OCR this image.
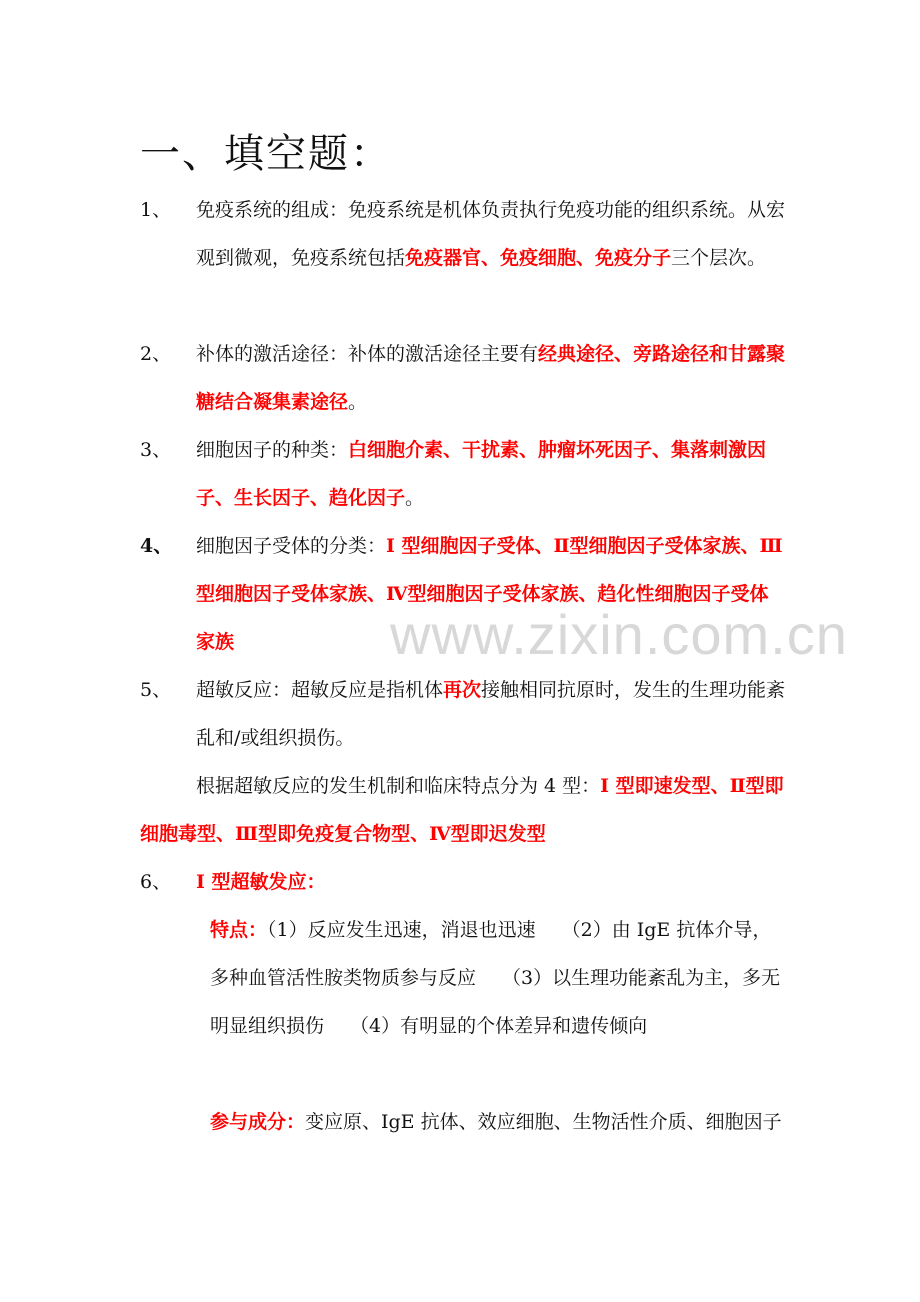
一、填空题：
www.zixin.com.cn
1、	免疫系统的组成：免疫系统是机体负责执行免疫功能的组织系统。从宏观到微观，免疫系统包括免疫器官、免疫细胞、免疫分子三个层次。
2、	补体的激活途径：补体的激活途径主要有经典途径、旁路途径和甘露聚糖结合凝集素途径。
3、	细胞因子的种类：白细胞介素、干扰素、肿瘤坏死因子、集落刺激因子、生长因子、趋化因子。
4、	细胞因子受体的分类：I 型细胞因子受体、Ⅱ型细胞因子受体家族、Ⅲ型细胞因子受体家族、Ⅳ型细胞因子受体家族、趋化性细胞因子受体家族
5、	超敏反应：超敏反应是指机体再次接触相同抗原时，发生的生理功能紊乱和/或组织损伤。
根据超敏反应的发生机制和临床特点分为 4 型：I 型即速发型、Ⅱ型即细胞毒型、Ⅲ型即免疫复合物型、Ⅳ型即迟发型
6、	I 型超敏发应：
特点：（1）反应发生迅速，消退也迅速 （2）由 IgE 抗体介导，多种血管活性胺类物质参与反应 （3）以生理功能紊乱为主，多无明显组织损伤 （4）有明显的个体差异和遗传倾向
参与成分：变应原、IgE 抗体、效应细胞、生物活性介质、细胞因子
